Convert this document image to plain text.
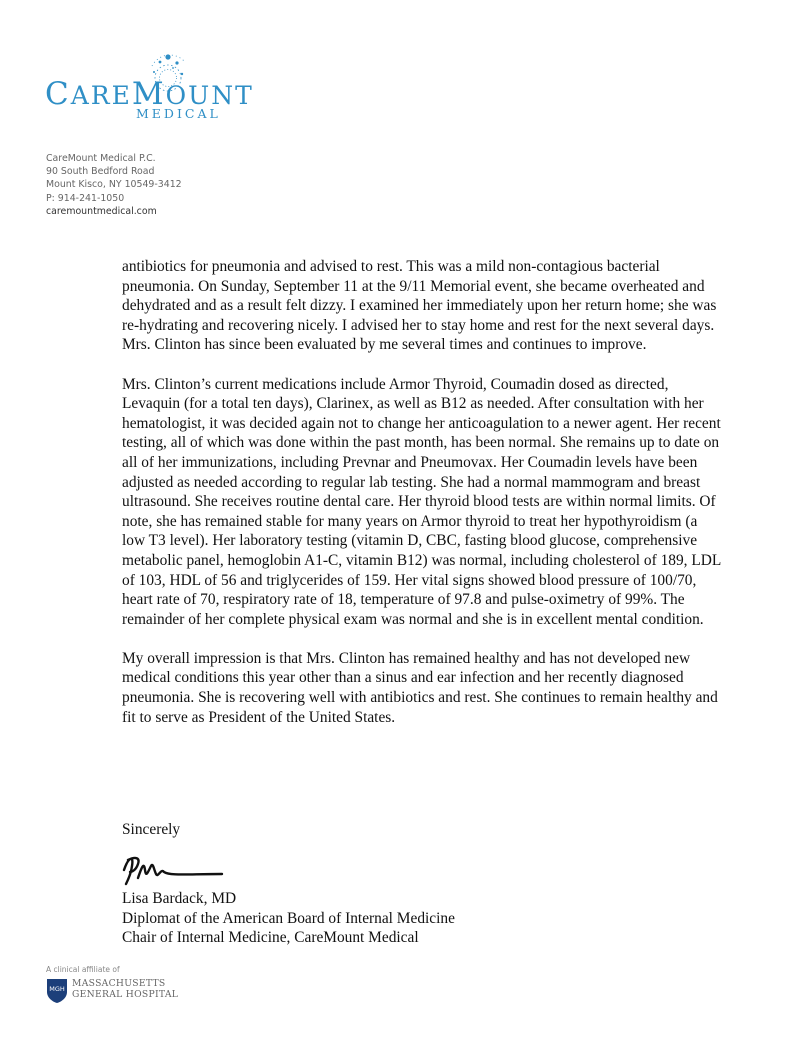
CAREMOUNT
MEDICAL
CareMount Medical P.C.
90 South Bedford Road
Mount Kisco, NY 10549-3412
P: 914-241-1050
caremountmedical.com

antibiotics for pneumonia and advised to rest. This was a mild non-contagious bacterial pneumonia. On Sunday, September 11 at the 9/11 Memorial event, she became overheated and dehydrated and as a result felt dizzy. I examined her immediately upon her return home; she was re-hydrating and recovering nicely. I advised her to stay home and rest for the next several days. Mrs. Clinton has since been evaluated by me several times and continues to improve.

Mrs. Clinton’s current medications include Armor Thyroid, Coumadin dosed as directed, Levaquin (for a total ten days), Clarinex, as well as B12 as needed. After consultation with her hematologist, it was decided again not to change her anticoagulation to a newer agent. Her recent testing, all of which was done within the past month, has been normal. She remains up to date on all of her immunizations, including Prevnar and Pneumovax. Her Coumadin levels have been adjusted as needed according to regular lab testing. She had a normal mammogram and breast ultrasound. She receives routine dental care. Her thyroid blood tests are within normal limits. Of note, she has remained stable for many years on Armor thyroid to treat her hypothyroidism (a low T3 level). Her laboratory testing (vitamin D, CBC, fasting blood glucose, comprehensive metabolic panel, hemoglobin A1-C, vitamin B12) was normal, including cholesterol of 189, LDL of 103, HDL of 56 and triglycerides of 159. Her vital signs showed blood pressure of 100/70, heart rate of 70, respiratory rate of 18, temperature of 97.8 and pulse-oximetry of 99%. The remainder of her complete physical exam was normal and she is in excellent mental condition.

My overall impression is that Mrs. Clinton has remained healthy and has not developed new medical conditions this year other than a sinus and ear infection and her recently diagnosed pneumonia. She is recovering well with antibiotics and rest. She continues to remain healthy and fit to serve as President of the United States.

Sincerely
Lisa Bardack, MD
Diplomat of the American Board of Internal Medicine
Chair of Internal Medicine, CareMount Medical
A clinical affiliate of
MGH MASSACHUSETTS
GENERAL HOSPITAL
